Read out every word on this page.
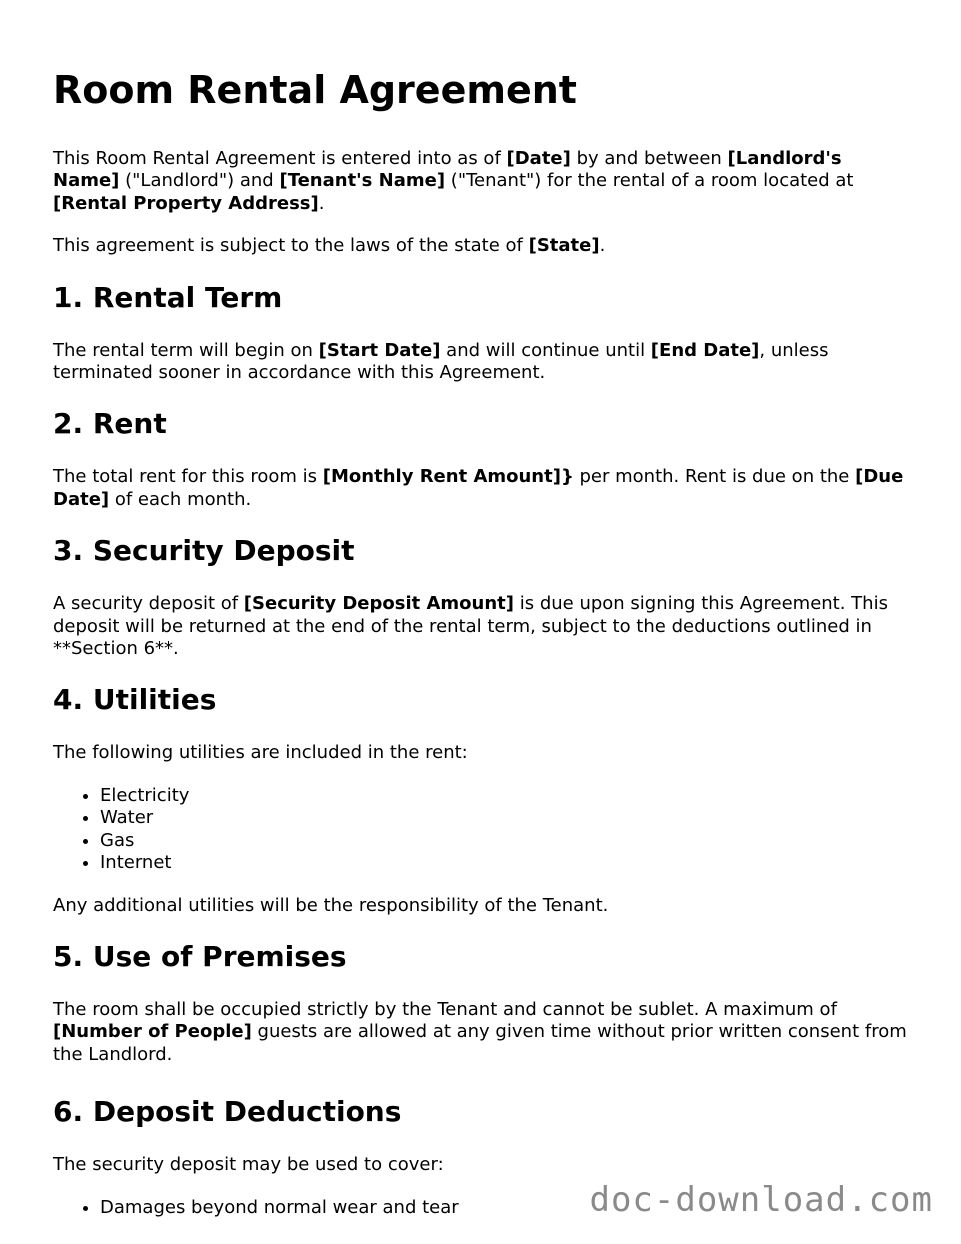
Room Rental Agreement

This Room Rental Agreement is entered into as of [Date] by and between [Landlord's Name] ("Landlord") and [Tenant's Name] ("Tenant") for the rental of a room located at [Rental Property Address].

This agreement is subject to the laws of the state of [State].

1. Rental Term

The rental term will begin on [Start Date] and will continue until [End Date], unless terminated sooner in accordance with this Agreement.

2. Rent

The total rent for this room is [Monthly Rent Amount]} per month. Rent is due on the [Due Date] of each month.

3. Security Deposit

A security deposit of [Security Deposit Amount] is due upon signing this Agreement. This deposit will be returned at the end of the rental term, subject to the deductions outlined in **Section 6**.

4. Utilities

The following utilities are included in the rent:

• Electricity
• Water
• Gas
• Internet

Any additional utilities will be the responsibility of the Tenant.

5. Use of Premises

The room shall be occupied strictly by the Tenant and cannot be sublet. A maximum of [Number of People] guests are allowed at any given time without prior written consent from the Landlord.

6. Deposit Deductions

The security deposit may be used to cover:

• Damages beyond normal wear and tear	doc-download.com
